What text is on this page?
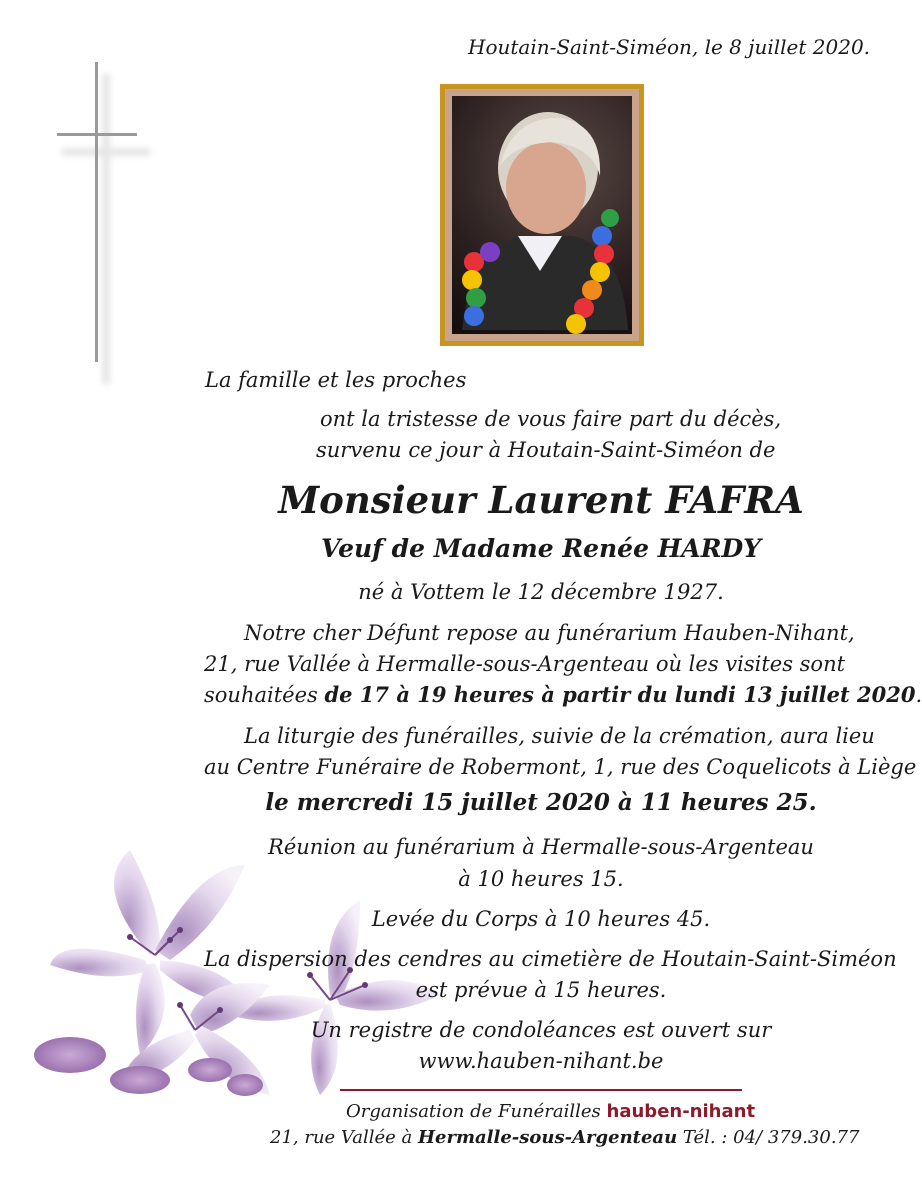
Houtain-Saint-Siméon, le 8 juillet 2020.
La famille et les proches
ont la tristesse de vous faire part du décès,
survenu ce jour à Houtain-Saint-Siméon de
Monsieur Laurent FAFRA
Veuf de Madame Renée HARDY
né à Vottem le 12 décembre 1927.
Notre cher Défunt repose au funérarium Hauben-Nihant,
21, rue Vallée à Hermalle-sous-Argenteau où les visites sont
souhaitées de 17 à 19 heures à partir du lundi 13 juillet 2020.
La liturgie des funérailles, suivie de la crémation, aura lieu
au Centre Funéraire de Robermont, 1, rue des Coquelicots à Liège
le mercredi 15 juillet 2020 à 11 heures 25.
Réunion au funérarium à Hermalle-sous-Argenteau
à 10 heures 15.
Levée du Corps à 10 heures 45.
La dispersion des cendres au cimetière de Houtain-Saint-Siméon
est prévue à 15 heures.
Un registre de condoléances est ouvert sur
www.hauben-nihant.be
Organisation de Funérailles hauben-nihant
21, rue Vallée à Hermalle-sous-Argenteau Tél. : 04/ 379.30.77
